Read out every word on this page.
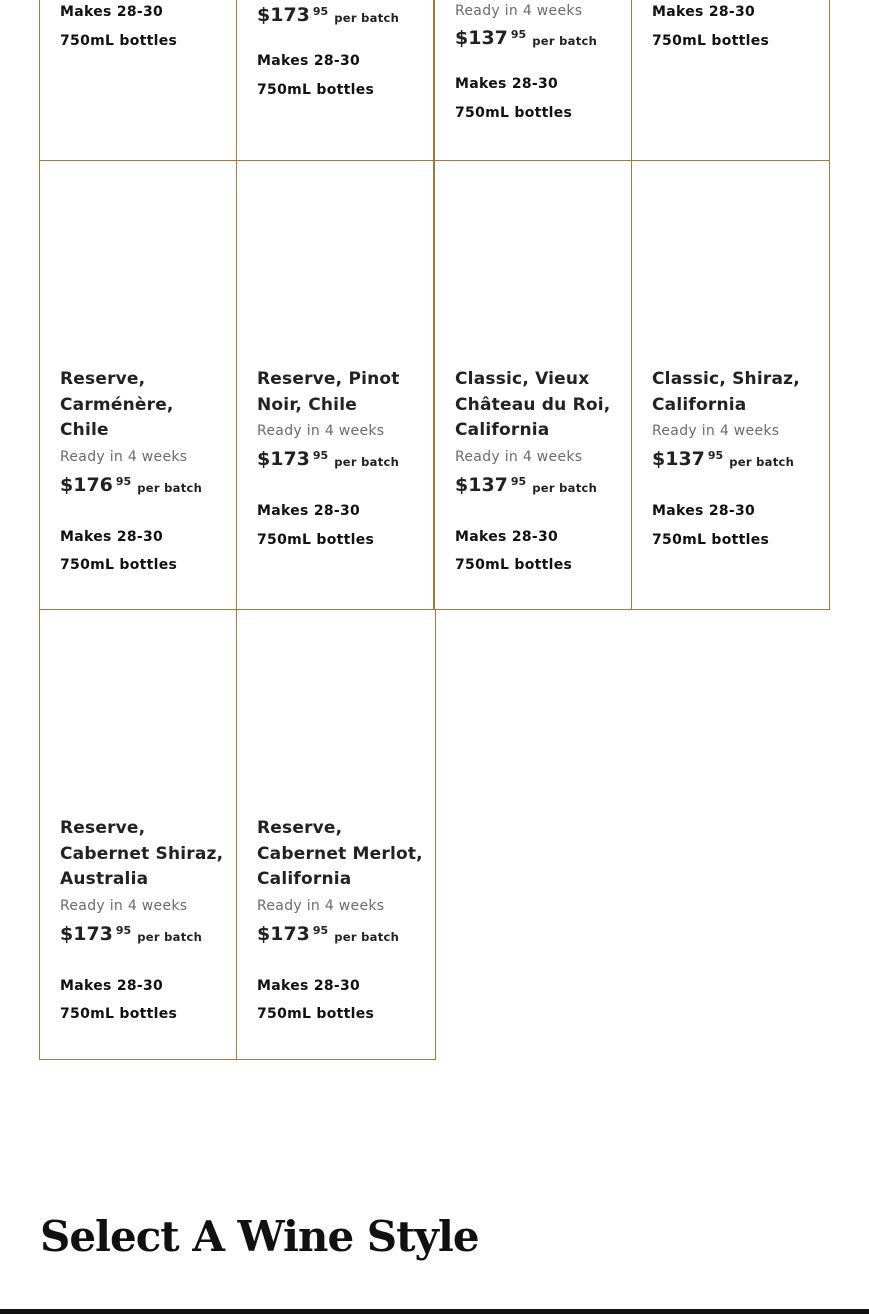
Makes 28-30
750mL bottles
$173 95 per batch
Makes 28-30
750mL bottles
Ready in 4 weeks
$137 95 per batch
Makes 28-30
750mL bottles
Makes 28-30
750mL bottles
Reserve, Carménère, Chile
Ready in 4 weeks
$176 95 per batch
Makes 28-30
750mL bottles
Reserve, Pinot Noir, Chile
Ready in 4 weeks
$173 95 per batch
Makes 28-30
750mL bottles
Classic, Vieux Château du Roi, California
Ready in 4 weeks
$137 95 per batch
Makes 28-30
750mL bottles
Classic, Shiraz, California
Ready in 4 weeks
$137 95 per batch
Makes 28-30
750mL bottles
Reserve, Cabernet Shiraz, Australia
Ready in 4 weeks
$173 95 per batch
Makes 28-30
750mL bottles
Reserve, Cabernet Merlot, California
Ready in 4 weeks
$173 95 per batch
Makes 28-30
750mL bottles
Select A Wine Style
